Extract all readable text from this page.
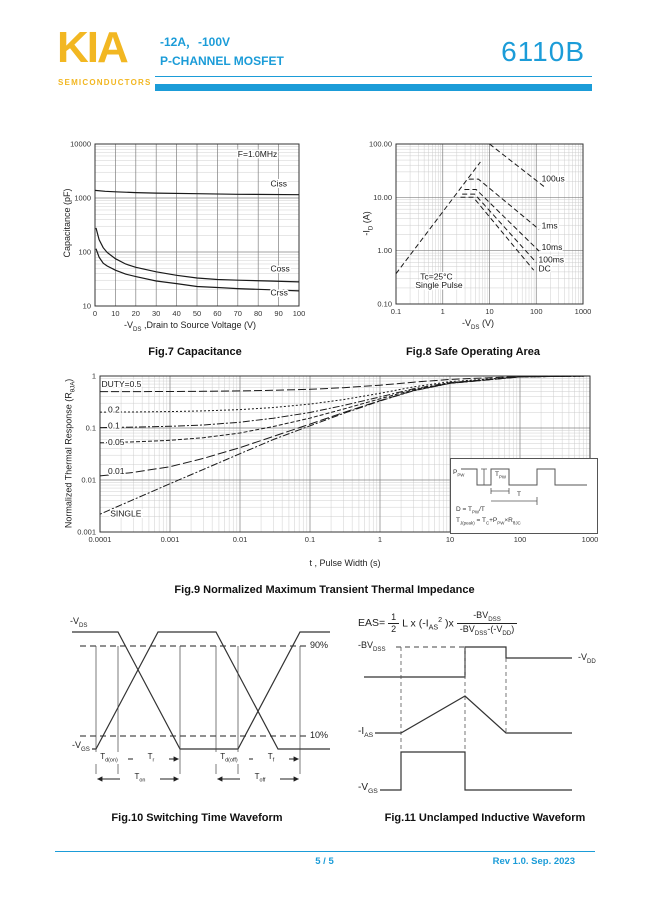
KIA
SEMICONDUCTORS
-12A，-100V
P-CHANNEL MOSFET	6110B
0 10 20 30 40 50 60 70 80 90 100
10
100
1000
10000
F=1.0MHz
Ciss
Coss
Crss
$-V_{DS}$ ,Drain to Source Voltage (V)
Capacitance (pF)
Fig.7 Capacitance
0.1	1	10	100	1000
0.10
1.00
10.00
100.00
100us
1ms
10ms
100ms
DC
Tc=25°C
Single Pulse
$-V_{DS}$ (V)
$-I_D$ (A)
Fig.8 Safe Operating Area
0.0001	0.001	0.01	0.1	1	10	100	1000
0.001
0.01
0.1
1
DUTY=0.5
0.2
0.1
0.05
0.01
SINGLE
t , Pulse Width (s)
Normalized Thermal Response $(R_{\theta JA})$
$P_{PW}$	$T_{PW}$
T
$D = T_{PW}/T$
$T_{J(peak)} = T_C+P_{PW}\times R_{\theta JC}$
Fig.9 Normalized Maximum Transient Thermal Impedance
$-V_{DS}$
$-V_{GS}$
90%
10%
$T_{d(on)}$	$T_r$	$T_{d(off)}$	$T_f$
$T_{on}$	$T_{off}$
Fig.10 Switching Time Waveform
$EAS= \frac{1}{2}$ L x ($-I_{AS}^2$ )$x \frac{-BV_{DSS}}{-BV_{DSS}-(-V_{DD})}$
$-BV_{DSS}$
$-V_{DD}$
$-I_{AS}$
$-V_{GS}$
Fig.11 Unclamped Inductive Waveform
5 / 5	Rev 1.0. Sep. 2023
